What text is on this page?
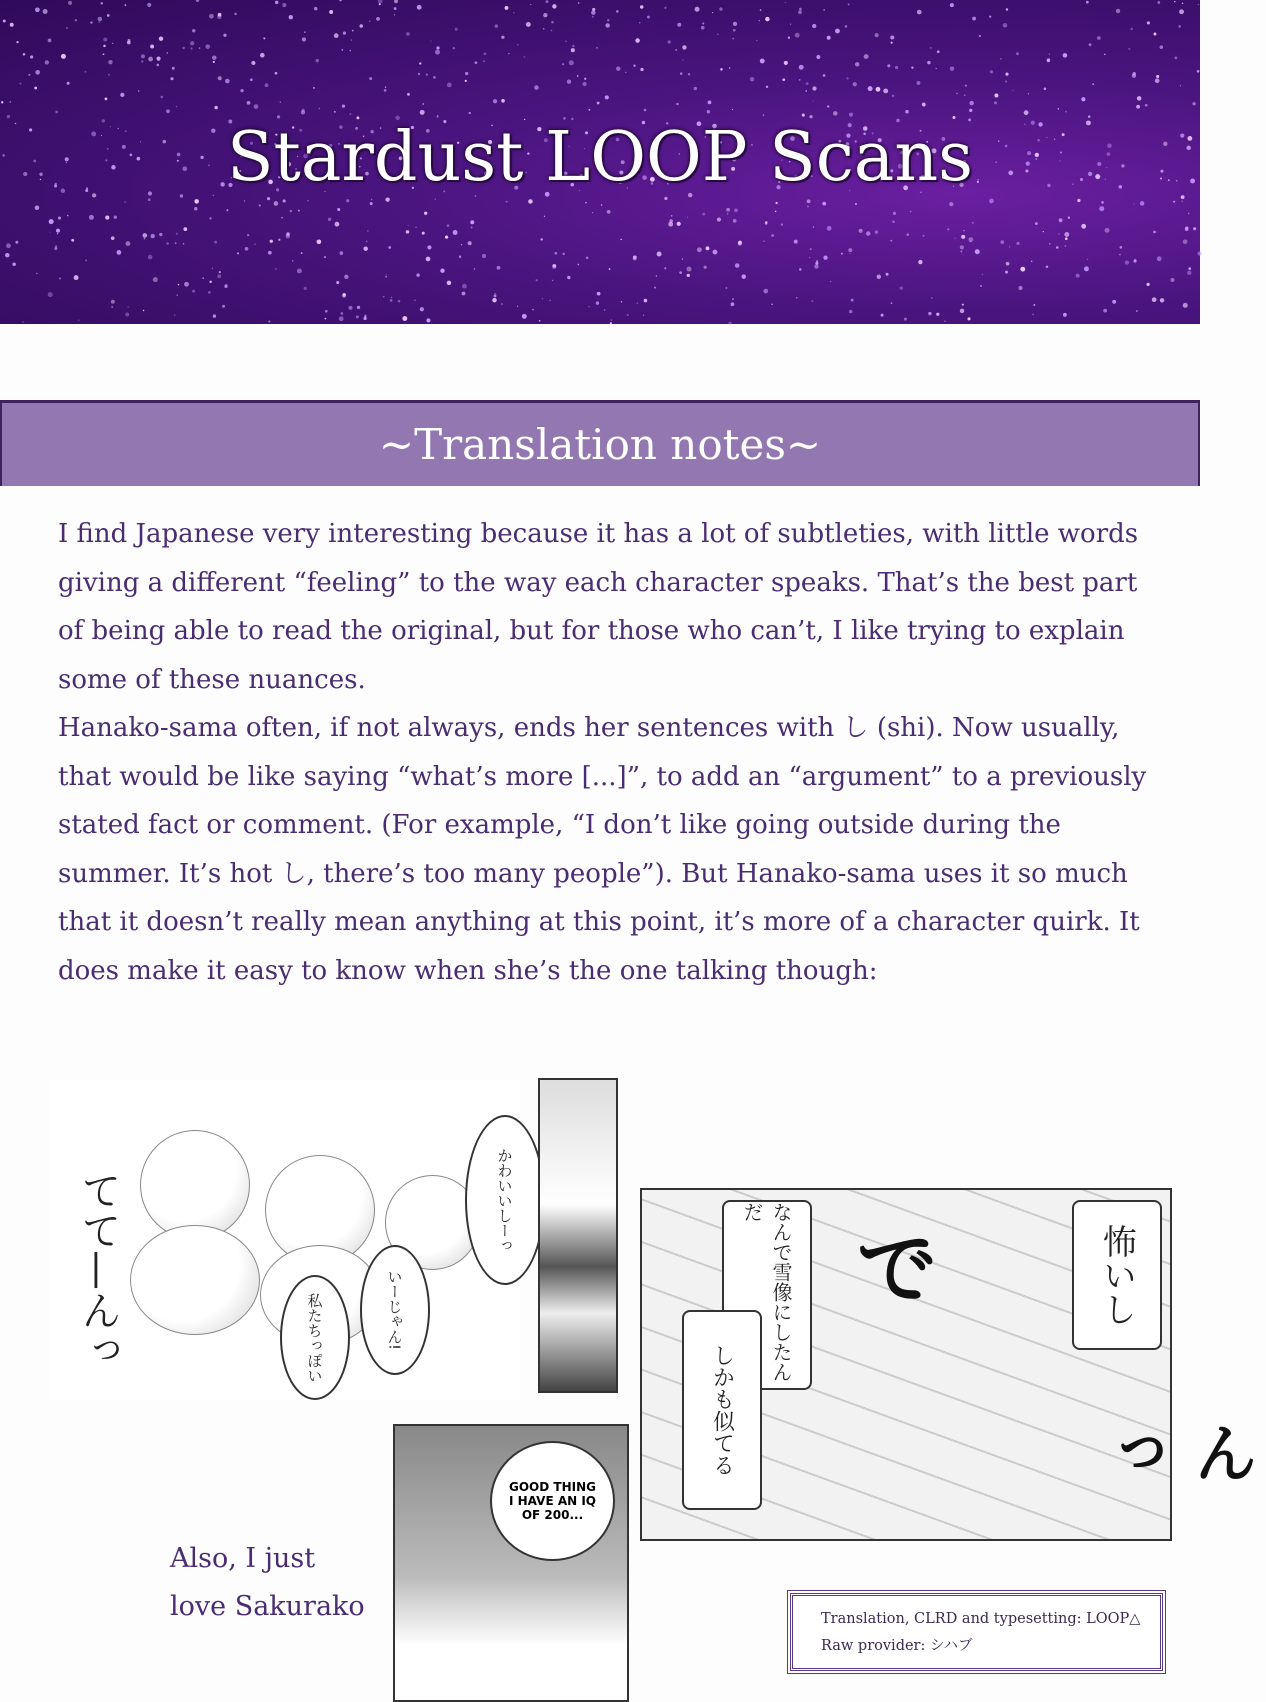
Stardust LOOP Scans
~Translation notes~

I find Japanese very interesting because it has a lot of subtleties, with little words giving a different “feeling” to the way each character speaks. That’s the best part of being able to read the original, but for those who can’t, I like trying to explain some of these nuances.

Hanako-sama often, if not always, ends her sentences with し (shi). Now usually, that would be like saying “what’s more [...]”, to add an “argument” to a previously stated fact or comment. (For example, “I don’t like going outside during the summer. It’s hot し, there’s too many people”). But Hanako-sama uses it so much that it doesn’t really mean anything at this point, it’s more of a character quirk. It does make it easy to know when she’s the one talking though:

てて—んっ	いーじゃん!
私たちっぽい
かわいいしーっ
で
んっ
なんで雪像にしたんだ
しかも似てる
怖いし
GOOD THING I HAVE AN IQ OF 200...
Also, I just
love Sakurako	Translation, CLRD and typesetting: LOOP△
Raw provider: シハブ
